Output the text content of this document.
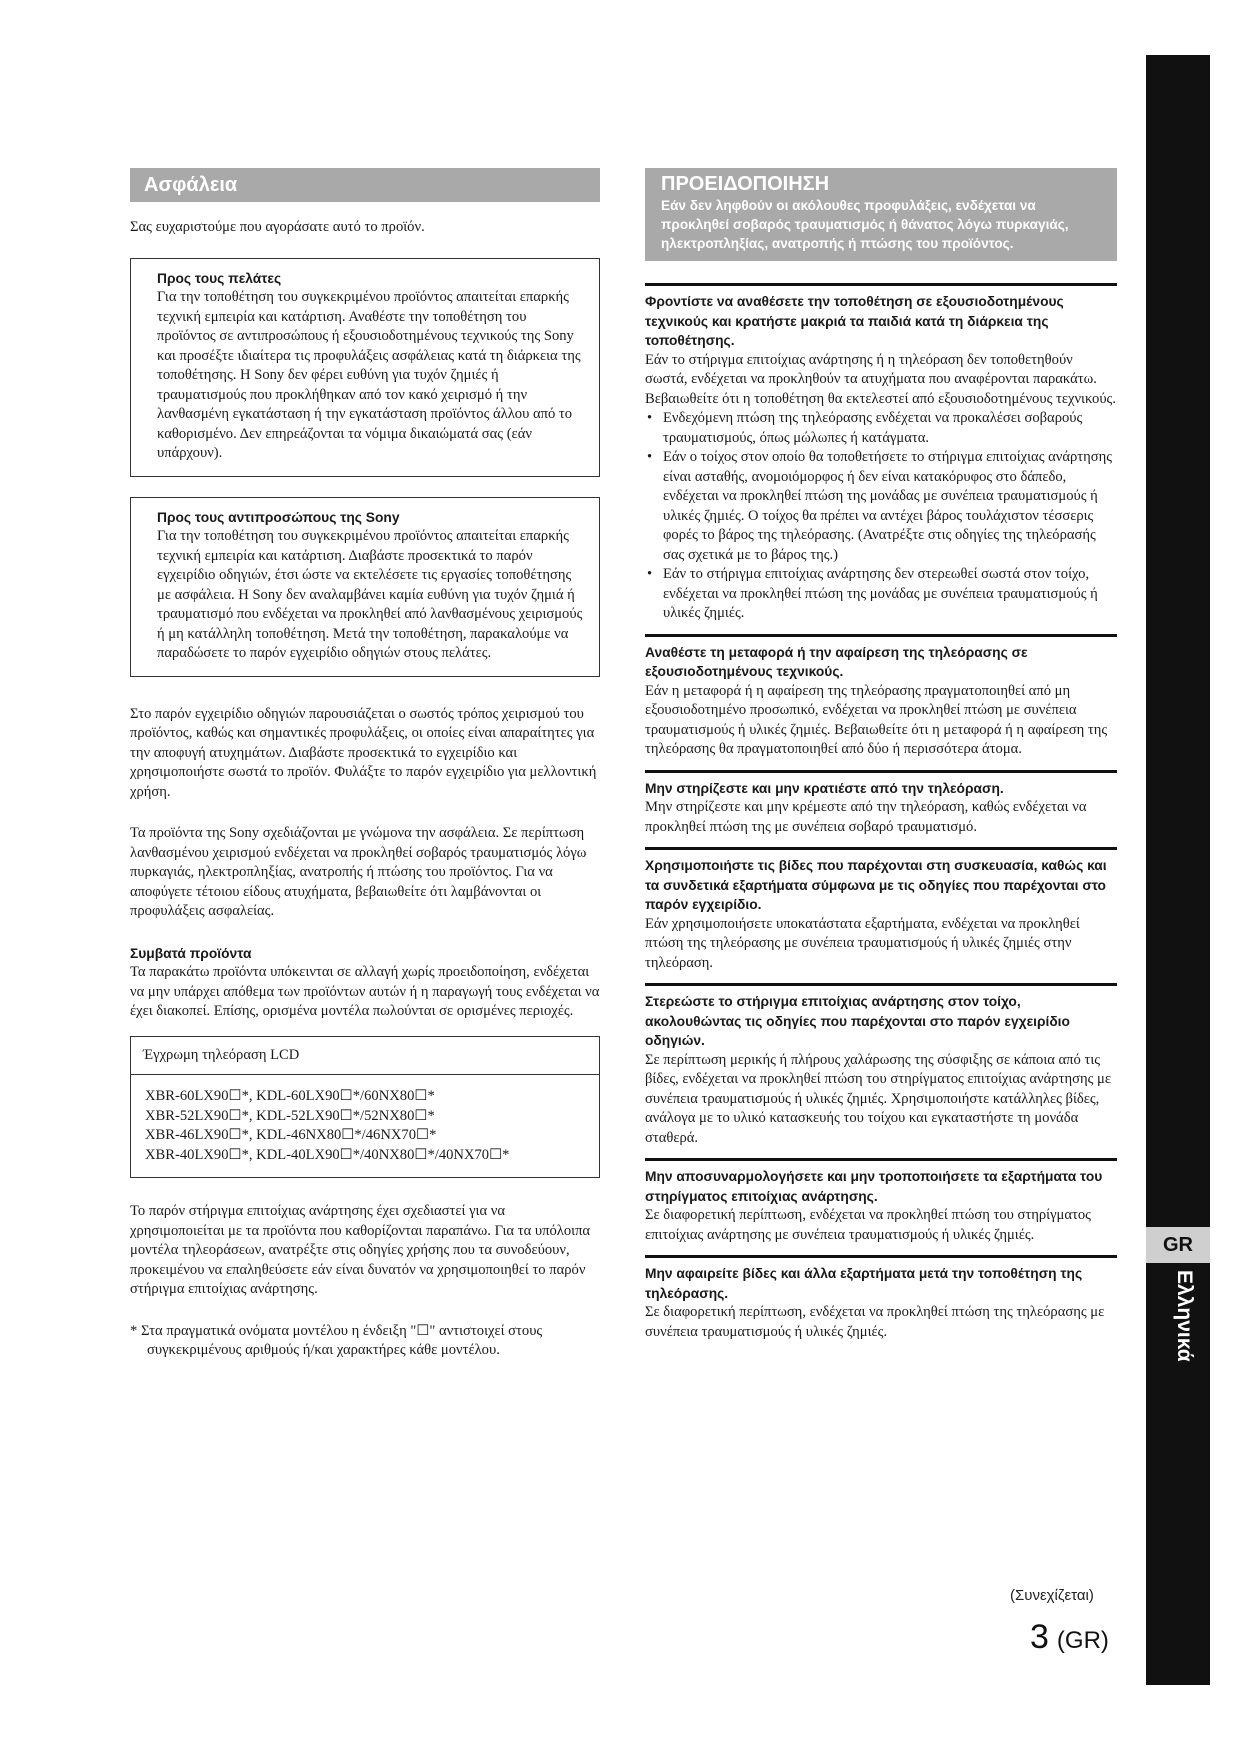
GR
Ελληνικά
Ασφάλεια

Σας ευχαριστούμε που αγοράσατε αυτό το προϊόν.

Προς τους πελάτες

Για την τοποθέτηση του συγκεκριμένου προϊόντος απαιτείται επαρκής τεχνική εμπειρία και κατάρτιση. Αναθέστε την τοποθέτηση του προϊόντος σε αντιπροσώπους ή εξουσιοδοτημένους τεχνικούς της Sony και προσέξτε ιδιαίτερα τις προφυλάξεις ασφάλειας κατά τη διάρκεια της τοποθέτησης. Η Sony δεν φέρει ευθύνη για τυχόν ζημιές ή τραυματισμούς που προκλήθηκαν από τον κακό χειρισμό ή την λανθασμένη εγκατάσταση ή την εγκατάσταση προϊόντος άλλου από το καθορισμένο. Δεν επηρεάζονται τα νόμιμα δικαιώματά σας (εάν υπάρχουν).

Προς τους αντιπροσώπους της Sony

Για την τοποθέτηση του συγκεκριμένου προϊόντος απαιτείται επαρκής τεχνική εμπειρία και κατάρτιση. Διαβάστε προσεκτικά το παρόν εγχειρίδιο οδηγιών, έτσι ώστε να εκτελέσετε τις εργασίες τοποθέτησης με ασφάλεια. Η Sony δεν αναλαμβάνει καμία ευθύνη για τυχόν ζημιά ή τραυματισμό που ενδέχεται να προκληθεί από λανθασμένους χειρισμούς ή μη κατάλληλη τοποθέτηση. Μετά την τοποθέτηση, παρακαλούμε να παραδώσετε το παρόν εγχειρίδιο οδηγιών στους πελάτες.

Στο παρόν εγχειρίδιο οδηγιών παρουσιάζεται ο σωστός τρόπος χειρισμού του προϊόντος, καθώς και σημαντικές προφυλάξεις, οι οποίες είναι απαραίτητες για την αποφυγή ατυχημάτων. Διαβάστε προσεκτικά το εγχειρίδιο και χρησιμοποιήστε σωστά το προϊόν. Φυλάξτε το παρόν εγχειρίδιο για μελλοντική χρήση.

Τα προϊόντα της Sony σχεδιάζονται με γνώμονα την ασφάλεια. Σε περίπτωση λανθασμένου χειρισμού ενδέχεται να προκληθεί σοβαρός τραυματισμός λόγω πυρκαγιάς, ηλεκτροπληξίας, ανατροπής ή πτώσης του προϊόντος. Για να αποφύγετε τέτοιου είδους ατυχήματα, βεβαιωθείτε ότι λαμβάνονται οι προφυλάξεις ασφαλείας.

Συμβατά προϊόντα

Τα παρακάτω προϊόντα υπόκεινται σε αλλαγή χωρίς προειδοποίηση, ενδέχεται να μην υπάρχει απόθεμα των προϊόντων αυτών ή η παραγωγή τους ενδέχεται να έχει διακοπεί. Επίσης, ορισμένα μοντέλα πωλούνται σε ορισμένες περιοχές.

Έγχρωμη τηλεόραση LCD
XBR-60LX90☐*, KDL-60LX90☐*/60NX80☐*
XBR-52LX90☐*, KDL-52LX90☐*/52NX80☐*
XBR-46LX90☐*, KDL-46NX80☐*/46NX70☐*
XBR-40LX90☐*, KDL-40LX90☐*/40NX80☐*/40NX70☐*

Το παρόν στήριγμα επιτοίχιας ανάρτησης έχει σχεδιαστεί για να χρησιμοποιείται με τα προϊόντα που καθορίζονται παραπάνω. Για τα υπόλοιπα μοντέλα τηλεοράσεων, ανατρέξτε στις οδηγίες χρήσης που τα συνοδεύουν, προκειμένου να επαληθεύσετε εάν είναι δυνατόν να χρησιμοποιηθεί το παρόν στήριγμα επιτοίχιας ανάρτησης.

* Στα πραγματικά ονόματα μοντέλου η ένδειξη "☐" αντιστοιχεί στους συγκεκριμένους αριθμούς ή/και χαρακτήρες κάθε μοντέλου.

ΠΡΟΕΙΔΟΠΟΙΗΣΗ

Εάν δεν ληφθούν οι ακόλουθες προφυλάξεις, ενδέχεται να προκληθεί σοβαρός τραυματισμός ή θάνατος λόγω πυρκαγιάς, ηλεκτροπληξίας, ανατροπής ή πτώσης του προϊόντος.

Φροντίστε να αναθέσετε την τοποθέτηση σε εξουσιοδοτημένους τεχνικούς και κρατήστε μακριά τα παιδιά κατά τη διάρκεια της τοποθέτησης.

Εάν το στήριγμα επιτοίχιας ανάρτησης ή η τηλεόραση δεν τοποθετηθούν σωστά, ενδέχεται να προκληθούν τα ατυχήματα που αναφέρονται παρακάτω. Βεβαιωθείτε ότι η τοποθέτηση θα εκτελεστεί από εξουσιοδοτημένους τεχνικούς.

• Ενδεχόμενη πτώση της τηλεόρασης ενδέχεται να προκαλέσει σοβαρούς τραυματισμούς, όπως μώλωπες ή κατάγματα.
• Εάν ο τοίχος στον οποίο θα τοποθετήσετε το στήριγμα επιτοίχιας ανάρτησης είναι ασταθής, ανομοιόμορφος ή δεν είναι κατακόρυφος στο δάπεδο, ενδέχεται να προκληθεί πτώση της μονάδας με συνέπεια τραυματισμούς ή υλικές ζημιές. Ο τοίχος θα πρέπει να αντέχει βάρος τουλάχιστον τέσσερις φορές το βάρος της τηλεόρασης. (Ανατρέξτε στις οδηγίες της τηλεόρασής σας σχετικά με το βάρος της.)
• Εάν το στήριγμα επιτοίχιας ανάρτησης δεν στερεωθεί σωστά στον τοίχο, ενδέχεται να προκληθεί πτώση της μονάδας με συνέπεια τραυματισμούς ή υλικές ζημιές.

Αναθέστε τη μεταφορά ή την αφαίρεση της τηλεόρασης σε εξουσιοδοτημένους τεχνικούς.

Εάν η μεταφορά ή η αφαίρεση της τηλεόρασης πραγματοποιηθεί από μη εξουσιοδοτημένο προσωπικό, ενδέχεται να προκληθεί πτώση με συνέπεια τραυματισμούς ή υλικές ζημιές. Βεβαιωθείτε ότι η μεταφορά ή η αφαίρεση της τηλεόρασης θα πραγματοποιηθεί από δύο ή περισσότερα άτομα.

Μην στηρίζεστε και μην κρατιέστε από την τηλεόραση.

Μην στηρίζεστε και μην κρέμεστε από την τηλεόραση, καθώς ενδέχεται να προκληθεί πτώση της με συνέπεια σοβαρό τραυματισμό.

Χρησιμοποιήστε τις βίδες που παρέχονται στη συσκευασία, καθώς και τα συνδετικά εξαρτήματα σύμφωνα με τις οδηγίες που παρέχονται στο παρόν εγχειρίδιο.

Εάν χρησιμοποιήσετε υποκατάστατα εξαρτήματα, ενδέχεται να προκληθεί πτώση της τηλεόρασης με συνέπεια τραυματισμούς ή υλικές ζημιές στην τηλεόραση.

Στερεώστε το στήριγμα επιτοίχιας ανάρτησης στον τοίχο, ακολουθώντας τις οδηγίες που παρέχονται στο παρόν εγχειρίδιο οδηγιών.

Σε περίπτωση μερικής ή πλήρους χαλάρωσης της σύσφιξης σε κάποια από τις βίδες, ενδέχεται να προκληθεί πτώση του στηρίγματος επιτοίχιας ανάρτησης με συνέπεια τραυματισμούς ή υλικές ζημιές. Χρησιμοποιήστε κατάλληλες βίδες, ανάλογα με το υλικό κατασκευής του τοίχου και εγκαταστήστε τη μονάδα σταθερά.

Μην αποσυναρμολογήσετε και μην τροποποιήσετε τα εξαρτήματα του στηρίγματος επιτοίχιας ανάρτησης.

Σε διαφορετική περίπτωση, ενδέχεται να προκληθεί πτώση του στηρίγματος επιτοίχιας ανάρτησης με συνέπεια τραυματισμούς ή υλικές ζημιές.

Μην αφαιρείτε βίδες και άλλα εξαρτήματα μετά την τοποθέτηση της τηλεόρασης.

Σε διαφορετική περίπτωση, ενδέχεται να προκληθεί πτώση της τηλεόρασης με συνέπεια τραυματισμούς ή υλικές ζημιές.

(Συνεχίζεται)
3 (GR)
